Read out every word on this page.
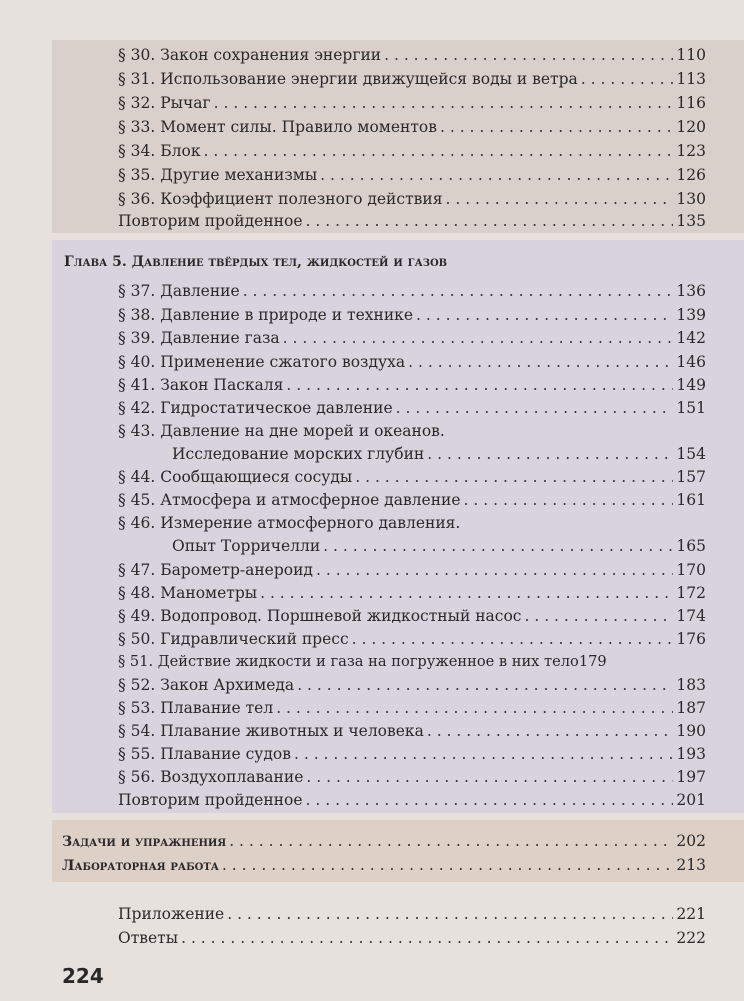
§ 30. Закон сохранения энергии . . .	110
§ 31. Использование энергии движущейся воды и ветра . . .	113
§ 32. Рычаг . . .	116
§ 33. Момент силы. Правило моментов . . .	120
§ 34. Блок . . .	123
§ 35. Другие механизмы . . .	126
§ 36. Коэффициент полезного действия . . .	130
Повторим пройденное . . .	135
Глава 5. Давление твёрдых тел, жидкостей и газов
§ 37. Давление . . .	136
§ 38. Давление в природе и технике . . .	139
§ 39. Давление газа . . .	142
§ 40. Применение сжатого воздуха . . .	146
§ 41. Закон Паскаля . . .	149
§ 42. Гидростатическое давление . . .	151
§ 43. Давление на дне морей и океанов.
Исследование морских глубин . . .	154
§ 44. Сообщающиеся сосуды . . .	157
§ 45. Атмосфера и атмосферное давление . . .	161
§ 46. Измерение атмосферного давления.
Опыт Торричелли . . .	165
§ 47. Барометр-анероид . . .	170
§ 48. Манометры . . .	172
§ 49. Водопровод. Поршневой жидкостный насос . . .	174
§ 50. Гидравлический пресс . . .	176
§ 51. Действие жидкости и газа на погруженное в них тело 179
§ 52. Закон Архимеда . . .	183
§ 53. Плавание тел . . .	187
§ 54. Плавание животных и человека . . .	190
§ 55. Плавание судов . . .	193
§ 56. Воздухоплавание . . .	197
Повторим пройденное . . .	201
Задачи и упражнения . . .	202
Лабораторная работа . . .	213
Приложение . . .	221
Ответы . . .	222
224
